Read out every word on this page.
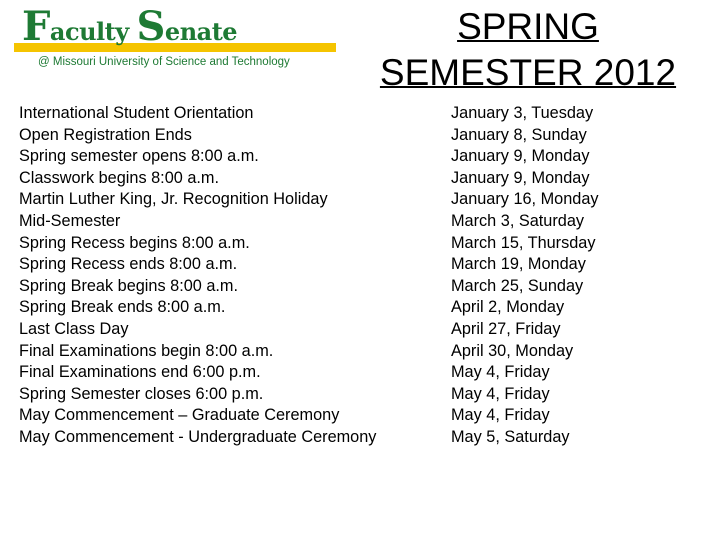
Faculty Senate
@ Missouri University of Science and Technology
SPRING
SEMESTER 2012
International Student Orientation
Open Registration Ends
Spring semester opens 8:00 a.m.
Classwork begins 8:00 a.m.
Martin Luther King, Jr. Recognition Holiday
Mid-Semester
Spring Recess begins 8:00 a.m.
Spring Recess ends 8:00 a.m.
Spring Break begins 8:00 a.m.
Spring Break ends 8:00 a.m.
Last Class Day
Final Examinations begin 8:00 a.m.
Final Examinations end 6:00 p.m.
Spring Semester closes 6:00 p.m.
May Commencement – Graduate Ceremony
May Commencement - Undergraduate Ceremony
January 3, Tuesday
January 8, Sunday
January 9, Monday
January 9, Monday
January 16, Monday
March 3, Saturday
March 15, Thursday
March 19, Monday
March 25, Sunday
April 2, Monday
April 27, Friday
April 30, Monday
May 4, Friday
May 4, Friday
May 4, Friday
May 5, Saturday
